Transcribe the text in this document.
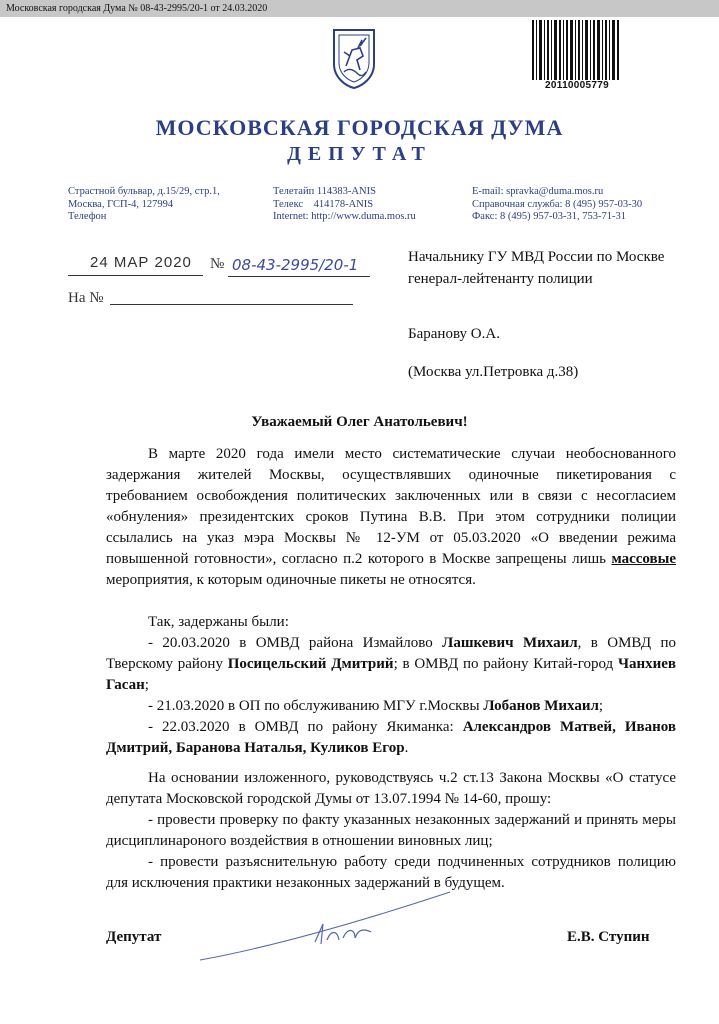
Московская городская Дума № 08-43-2995/20-1 от 24.03.2020
20110005779
МОСКОВСКАЯ ГОРОДСКАЯ ДУМА
ДЕПУТАТ
Страстной бульвар, д.15/29, стр.1,
Москва, ГСП-4, 127994
Телефон
Телетайп 114383-ANIS
Телекс    414178-ANIS
Internet: http://www.duma.mos.ru
E-mail: spravka@duma.mos.ru
Справочная служба: 8 (495) 957-03-30
Факс: 8 (495) 957-03-31, 753-71-31
24 МАР 2020 № 08-43-2995/20-1
На №
Начальнику ГУ МВД России по Москве генерал-лейтенанту полиции
Баранову О.А.
(Москва ул.Петровка д.38)
Уважаемый Олег Анатольевич!
В марте 2020 года имели место систематические случаи необоснованного задержания жителей Москвы, осуществлявших одиночные пикетирования с требованием освобождения политических заключенных или в связи с несогласием «обнуления» президентских сроков Путина В.В. При этом сотрудники полиции ссылались на указ мэра Москвы № 12-УМ от 05.03.2020 «О введении режима повышенной готовности», согласно п.2 которого в Москве запрещены лишь массовые мероприятия, к которым одиночные пикеты не относятся.

Так, задержаны были:

- 20.03.2020 в ОМВД района Измайлово Лашкевич Михаил, в ОМВД по Тверскому району Посицельский Дмитрий; в ОМВД по району Китай-город Чанхиев Гасан;

- 21.03.2020 в ОП по обслуживанию МГУ г.Москвы Лобанов Михаил;

- 22.03.2020 в ОМВД по району Якиманка: Александров Матвей, Иванов Дмитрий, Баранова Наталья, Куликов Егор.

На основании изложенного, руководствуясь ч.2 ст.13 Закона Москвы «О статусе депутата Московской городской Думы от 13.07.1994 № 14-60, прошу:

- провести проверку по факту указанных незаконных задержаний и принять меры дисциплинароного воздействия в отношении виновных лиц;

- провести разъяснительную работу среди подчиненных сотрудников полицию для исключения практики незаконных задержаний в будущем.

Депутат	Е.В. Ступин
